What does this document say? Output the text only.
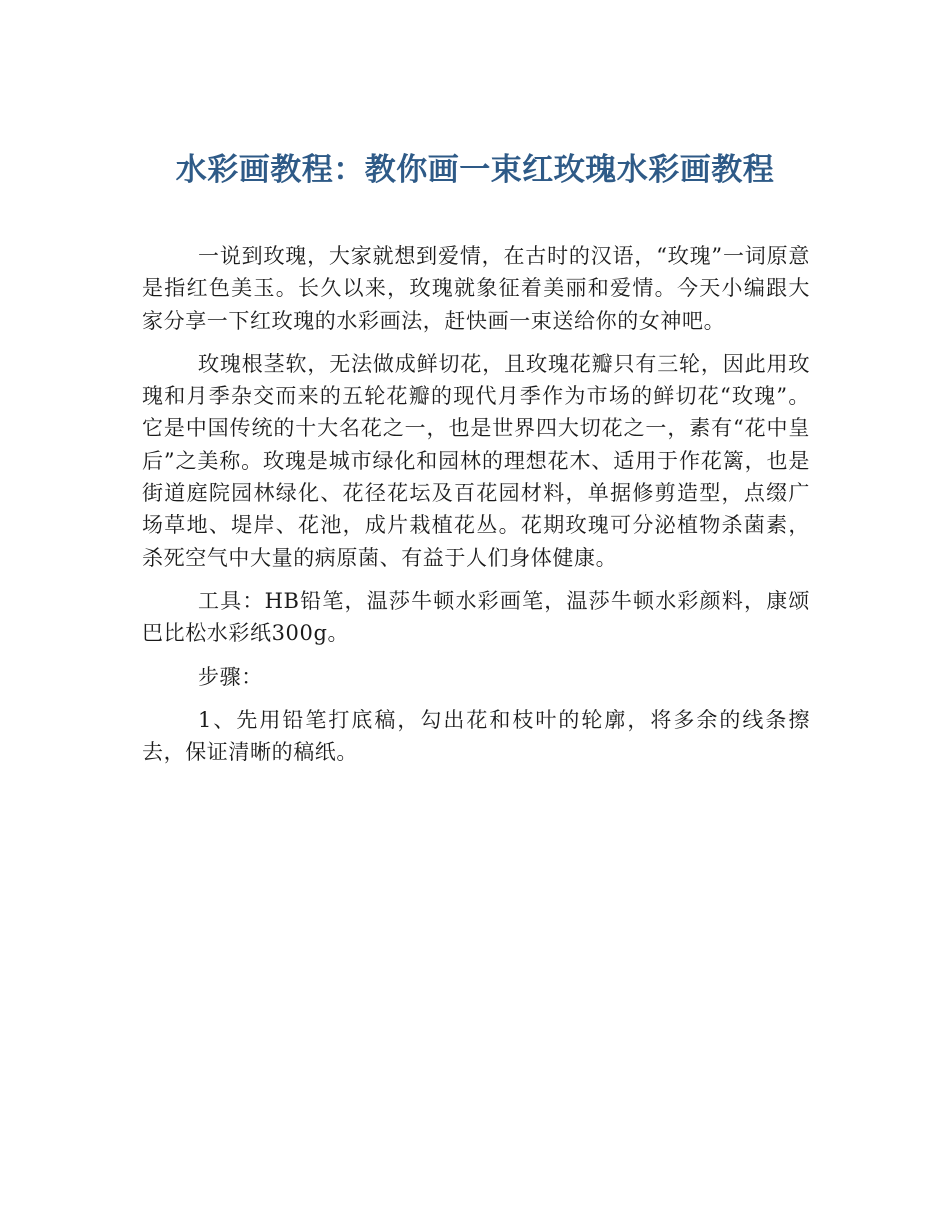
水彩画教程：教你画一束红玫瑰水彩画教程

一说到玫瑰，大家就想到爱情，在古时的汉语，“玫瑰”一词原意是指红色美玉。长久以来，玫瑰就象征着美丽和爱情。今天小编跟大家分享一下红玫瑰的水彩画法，赶快画一束送给你的女神吧。

玫瑰根茎软，无法做成鲜切花，且玫瑰花瓣只有三轮，因此用玫瑰和月季杂交而来的五轮花瓣的现代月季作为市场的鲜切花“玫瑰”。它是中国传统的十大名花之一，也是世界四大切花之一，素有“花中皇后”之美称。玫瑰是城市绿化和园林的理想花木、适用于作花篱，也是街道庭院园林绿化、花径花坛及百花园材料，单据修剪造型，点缀广场草地、堤岸、花池，成片栽植花丛。花期玫瑰可分泌植物杀菌素，杀死空气中大量的病原菌、有益于人们身体健康。

工具：HB铅笔，温莎牛顿水彩画笔，温莎牛顿水彩颜料，康颂巴比松水彩纸300g。

步骤：

1、先用铅笔打底稿，勾出花和枝叶的轮廓，将多余的线条擦去，保证清晰的稿纸。
